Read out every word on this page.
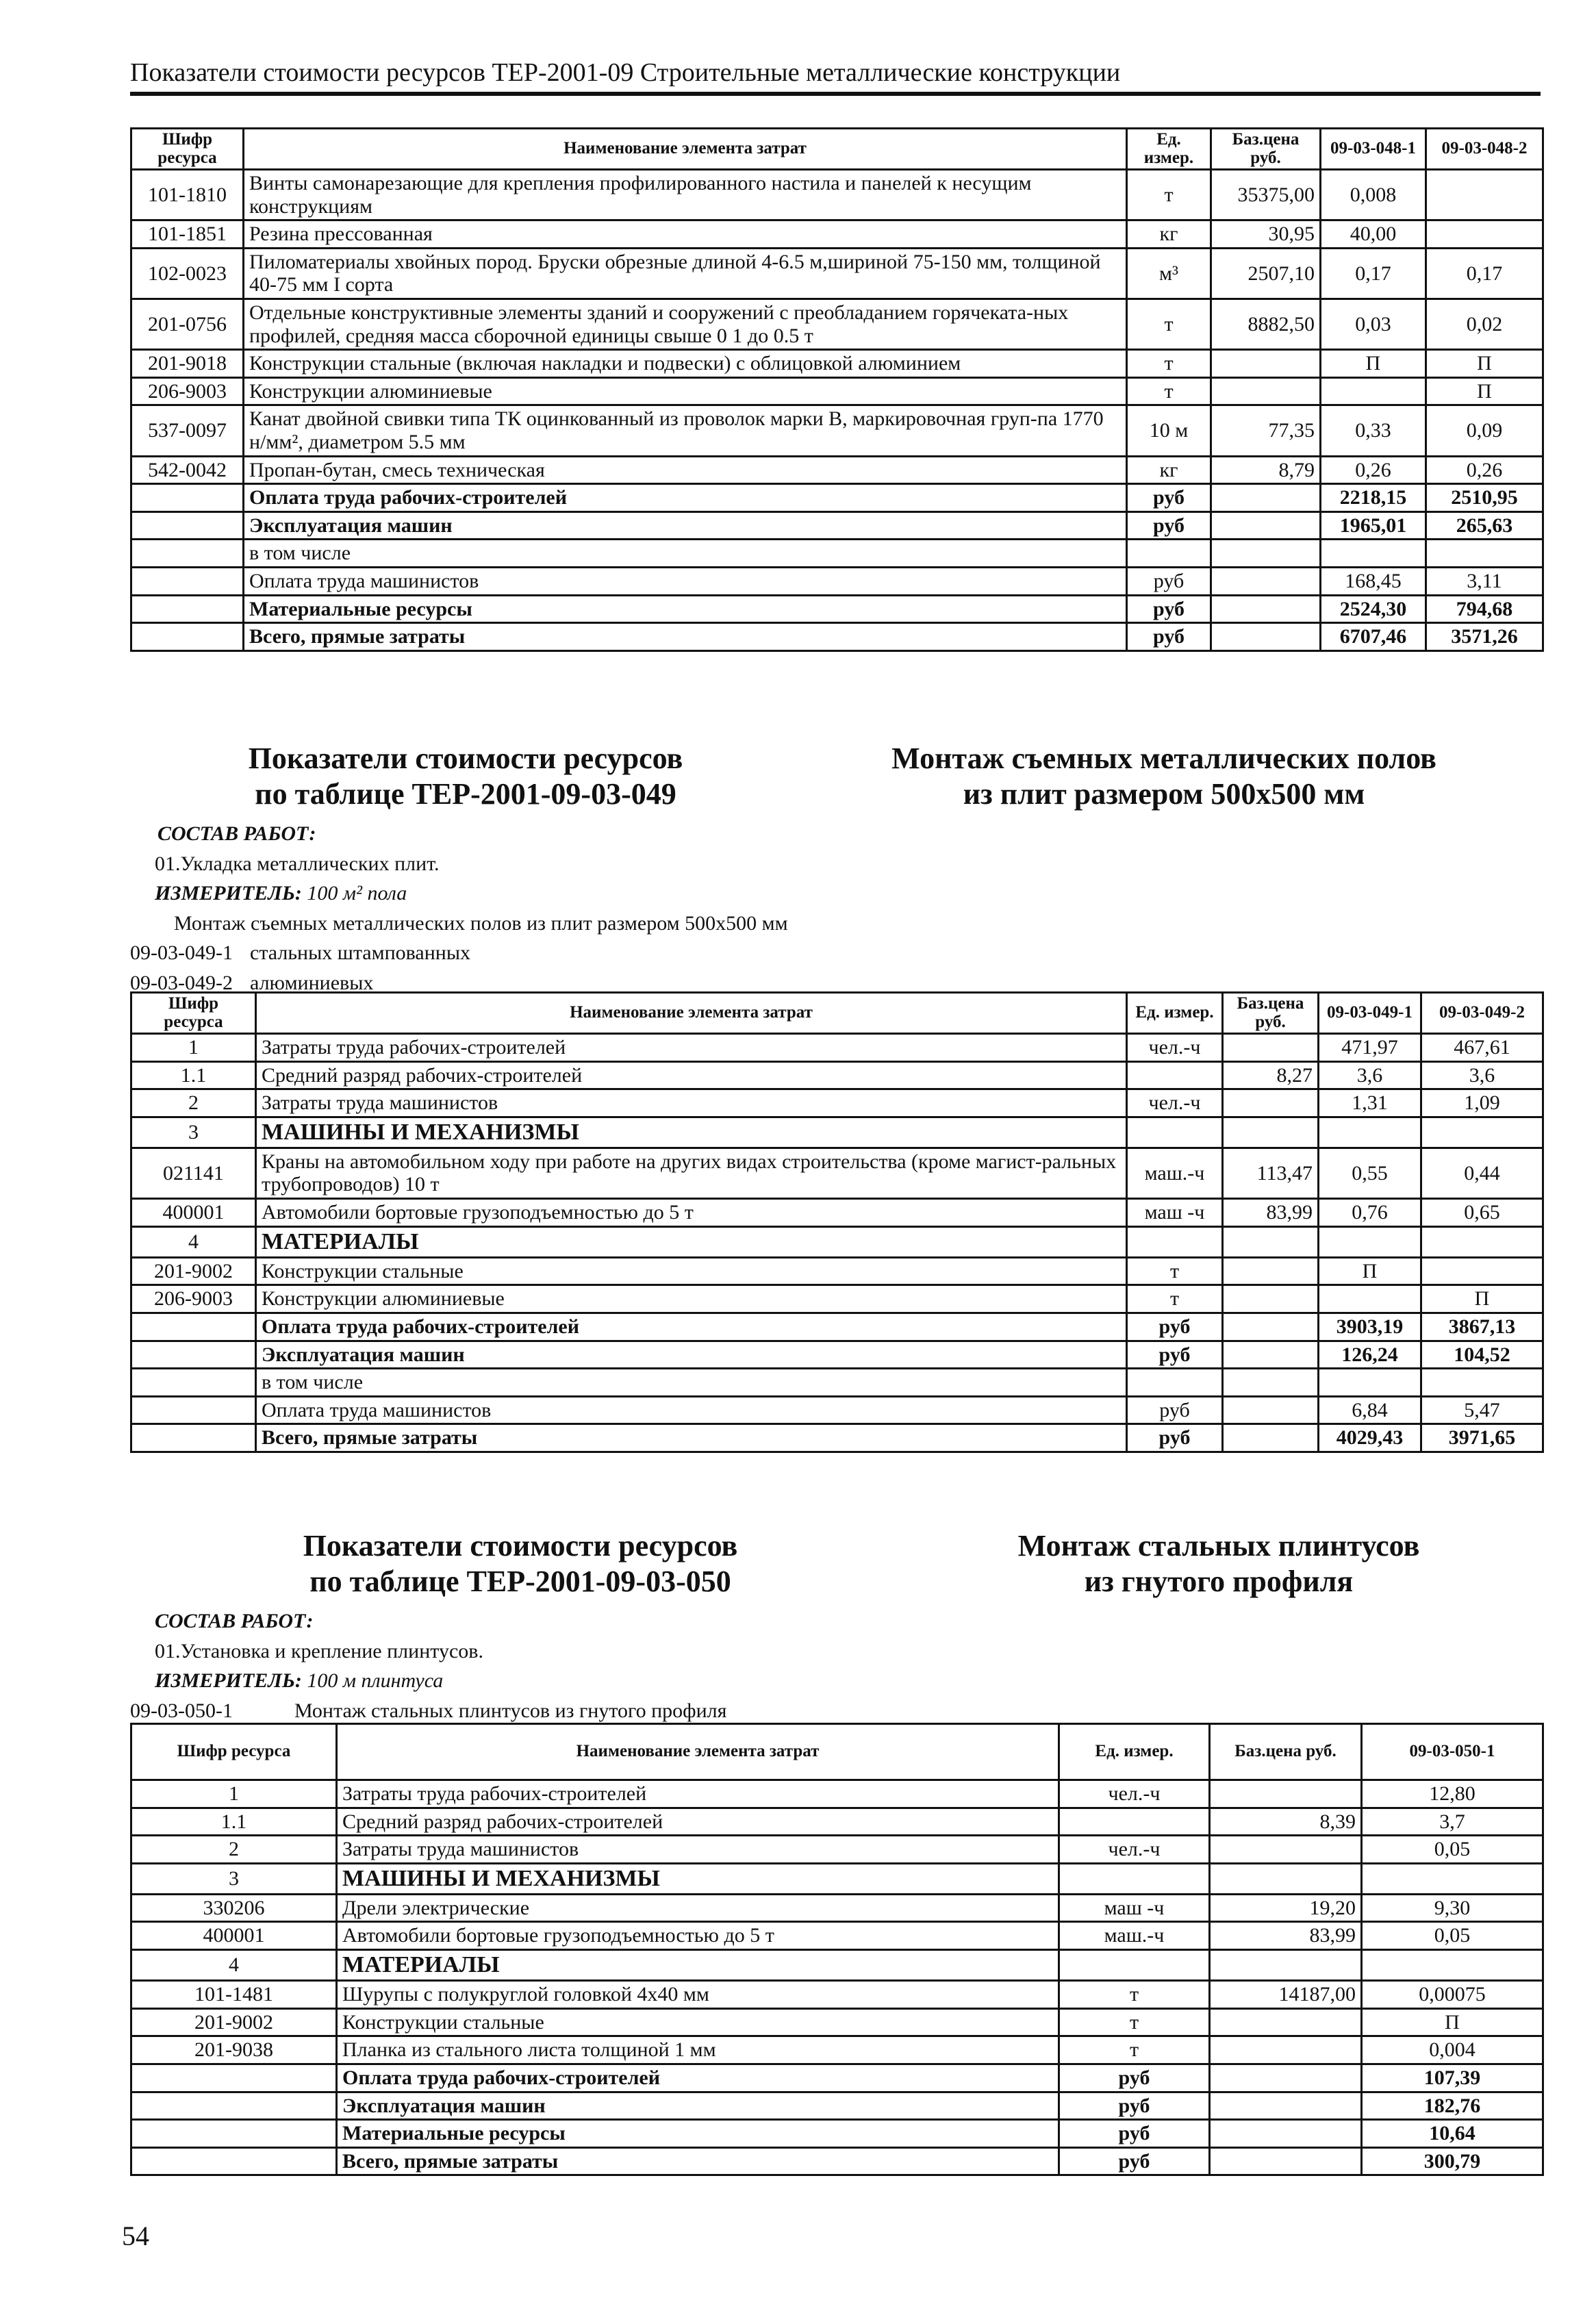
Показатели стоимости ресурсов ТЕР-2001-09 Строительные металлические конструкции
Шифр ресурса	Наименование элемента затрат	Ед. измер.	Баз.цена руб.	09-03-048-1	09-03-048-2
101-1810	Винты самонарезающие для крепления профилированного настила и панелей к несущим конструкциям	т	35375,00	0,008	
101-1851	Резина прессованная	кг	30,95	40,00	
102-0023	Пиломатериалы хвойных пород. Бруски обрезные длиной 4-6.5 м,шириной 75-150 мм, толщиной 40-75 мм I сорта	м³	2507,10	0,17	0,17
201-0756	Отдельные конструктивные элементы зданий и сооружений с преобладанием горячеката-ных профилей, средняя масса сборочной единицы свыше 0 1 до 0.5 т	т	8882,50	0,03	0,02
201-9018	Конструкции стальные (включая накладки и подвески) с облицовкой алюминием	т		П	П
206-9003	Конструкции алюминиевые	т			П
537-0097	Канат двойной свивки типа ТК оцинкованный из проволок марки В, маркировочная груп-па 1770 н/мм², диаметром 5.5 мм	10 м	77,35	0,33	0,09
542-0042	Пропан-бутан, смесь техническая	кг	8,79	0,26	0,26
	Оплата труда рабочих-строителей	руб		2218,15	2510,95
	Эксплуатация машин	руб		1965,01	265,63
	в том числе				
	Оплата труда машинистов	руб		168,45	3,11
	Материальные ресурсы	руб		2524,30	794,68
	Всего, прямые затраты	руб		6707,46	3571,26
Показатели стоимости ресурсов
по таблице ТЕР-2001-09-03-049
Монтаж съемных металлических полов
из плит размером 500x500 мм
СОСТАВ РАБОТ:
01.Укладка металлических плит.
ИЗМЕРИТЕЛЬ: 100 м² пола
Монтаж съемных металлических полов из плит размером 500x500 мм
09-03-049-1 стальных штампованных
09-03-049-2 алюминиевых
Шифр ресурса	Наименование элемента затрат	Ед. измер.	Баз.цена руб.	09-03-049-1	09-03-049-2
1	Затраты труда рабочих-строителей	чел.-ч		471,97	467,61
1.1	Средний разряд рабочих-строителей		8,27	3,6	3,6
2	Затраты труда машинистов	чел.-ч		1,31	1,09
3	МАШИНЫ И МЕХАНИЗМЫ				
021141	Краны на автомобильном ходу при работе на других видах строительства (кроме магист-ральных трубопроводов) 10 т	маш.-ч	113,47	0,55	0,44
400001	Автомобили бортовые грузоподъемностью до 5 т	маш -ч	83,99	0,76	0,65
4	МАТЕРИАЛЫ				
201-9002	Конструкции стальные	т		П	
206-9003	Конструкции алюминиевые	т			П
	Оплата труда рабочих-строителей	руб		3903,19	3867,13
	Эксплуатация машин	руб		126,24	104,52
	в том числе				
	Оплата труда машинистов	руб		6,84	5,47
	Всего, прямые затраты	руб		4029,43	3971,65
Показатели стоимости ресурсов
по таблице ТЕР-2001-09-03-050
Монтаж стальных плинтусов
из гнутого профиля
СОСТАВ РАБОТ:
01.Установка и крепление плинтусов.
ИЗМЕРИТЕЛЬ: 100 м плинтуса
09-03-050-1	Монтаж стальных плинтусов из гнутого профиля
Шифр ресурса	Наименование элемента затрат	Ед. измер.	Баз.цена руб.	09-03-050-1
1	Затраты труда рабочих-строителей	чел.-ч		12,80
1.1	Средний разряд рабочих-строителей		8,39	3,7
2	Затраты труда машинистов	чел.-ч		0,05
3	МАШИНЫ И МЕХАНИЗМЫ			
330206	Дрели электрические	маш -ч	19,20	9,30
400001	Автомобили бортовые грузоподъемностью до 5 т	маш.-ч	83,99	0,05
4	МАТЕРИАЛЫ			
101-1481	Шурупы с полукруглой головкой 4x40 мм	т	14187,00	0,00075
201-9002	Конструкции стальные	т		П
201-9038	Планка из стального листа толщиной 1 мм	т		0,004
	Оплата труда рабочих-строителей	руб		107,39
	Эксплуатация машин	руб		182,76
	Материальные ресурсы	руб		10,64
	Всего, прямые затраты	руб		300,79
54
